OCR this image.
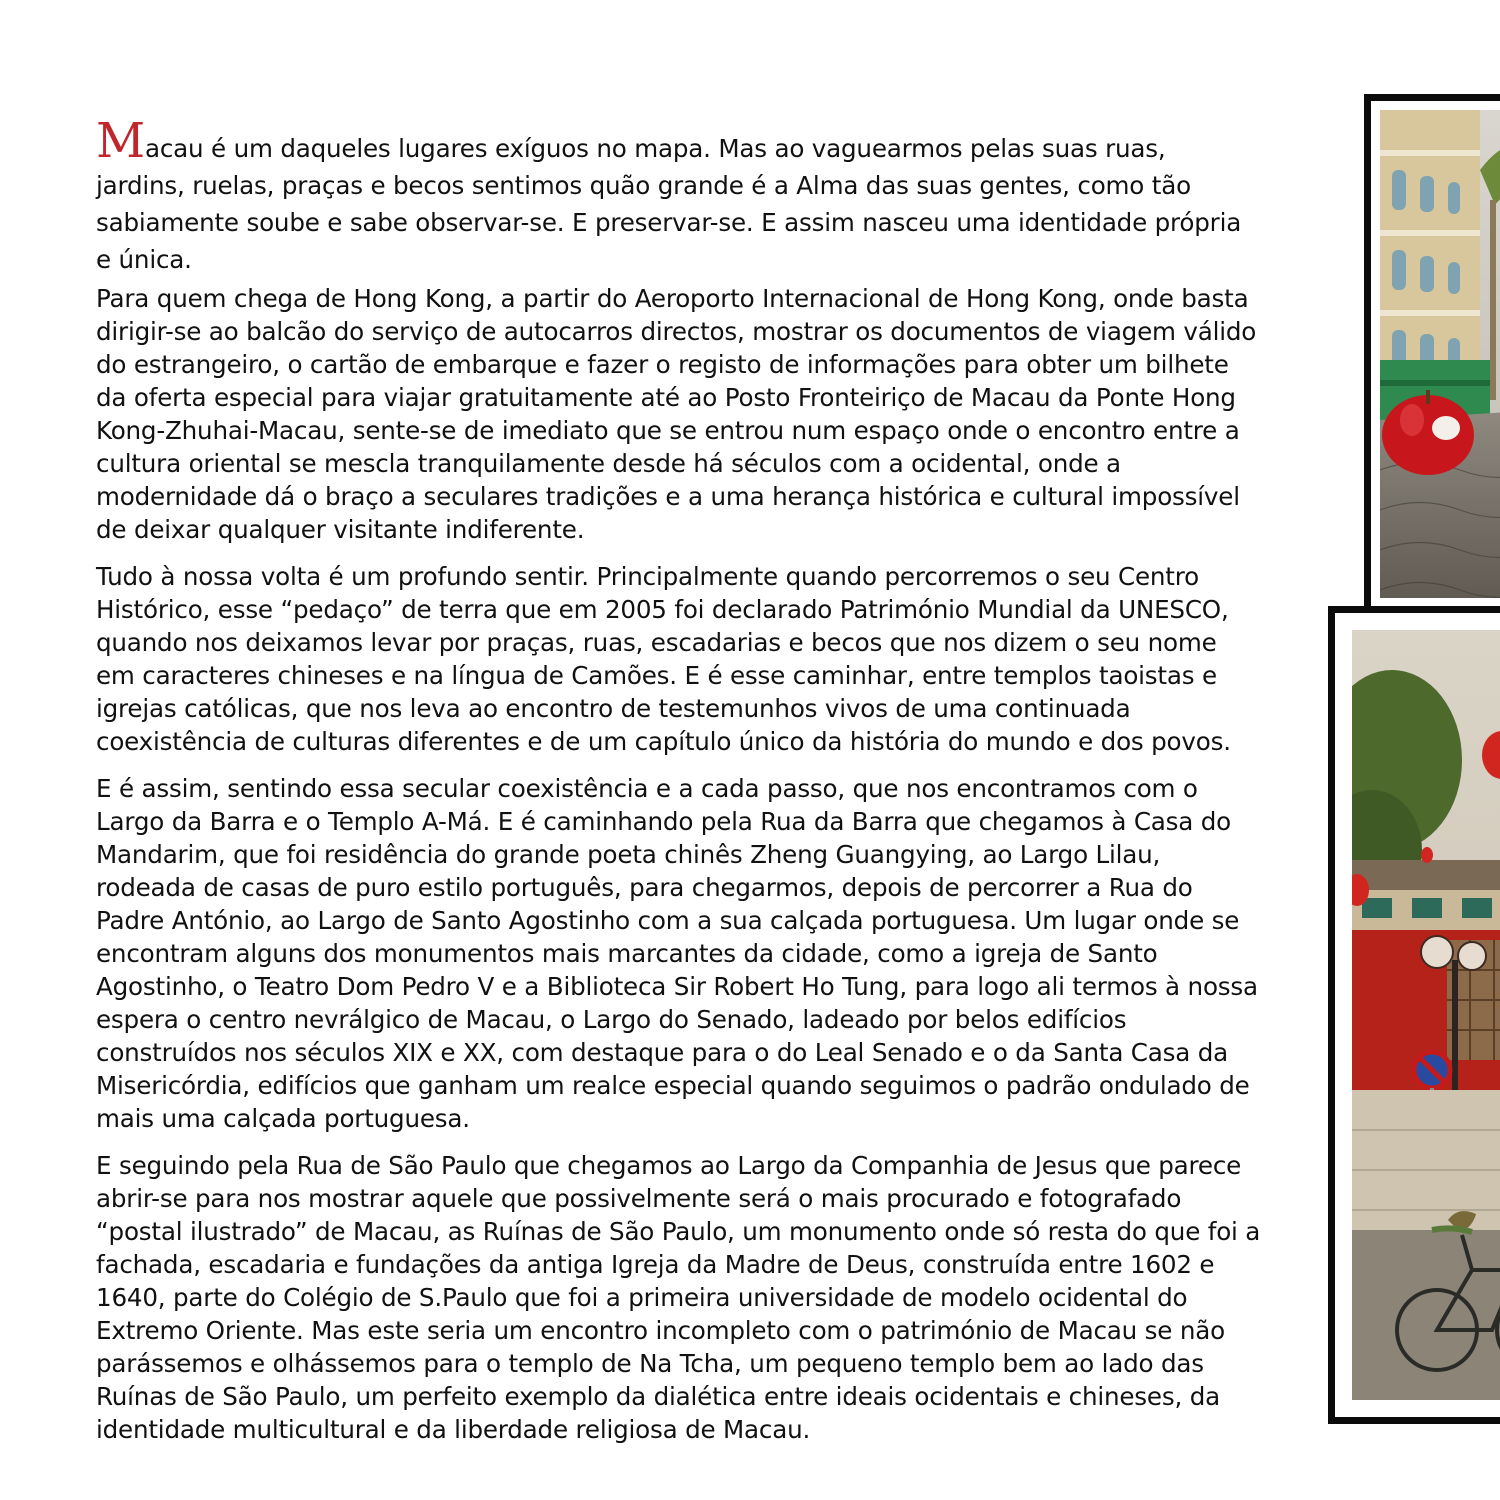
Macau é um daqueles lugares exíguos no mapa. Mas ao vaguearmos pelas suas ruas, jardins, ruelas, praças e becos sentimos quão grande é a Alma das suas gentes, como tão sabiamente soube e sabe observar-se. E preservar-se. E assim nasceu uma identidade própria e única.

Para quem chega de Hong Kong, a partir do Aeroporto Internacional de Hong Kong, onde basta dirigir-se ao balcão do serviço de autocarros directos, mostrar os documentos de viagem válido do estrangeiro, o cartão de embarque e fazer o registo de informações para obter um bilhete da oferta especial para viajar gratuitamente até ao Posto Fronteiriço de Macau da Ponte Hong Kong-Zhuhai-Macau, sente-se de imediato que se entrou num espaço onde o encontro entre a cultura oriental se mescla tranquilamente desde há séculos com a ocidental, onde a modernidade dá o braço a seculares tradições e a uma herança histórica e cultural impossível de deixar qualquer visitante indiferente.

Tudo à nossa volta é um profundo sentir. Principalmente quando percorremos o seu Centro Histórico, esse “pedaço” de terra que em 2005 foi declarado Património Mundial da UNESCO, quando nos deixamos levar por praças, ruas, escadarias e becos que nos dizem o seu nome em caracteres chineses e na língua de Camões. E é esse caminhar, entre templos taoistas e igrejas católicas, que nos leva ao encontro de testemunhos vivos de uma continuada coexistência de culturas diferentes e de um capítulo único da história do mundo e dos povos.

E é assim, sentindo essa secular coexistência e a cada passo, que nos encontramos com o Largo da Barra e o Templo A-Má. E é caminhando pela Rua da Barra que chegamos à Casa do Mandarim, que foi residência do grande poeta chinês Zheng Guangying, ao Largo Lilau, rodeada de casas de puro estilo português, para chegarmos, depois de percorrer a Rua do Padre António, ao Largo de Santo Agostinho com a sua calçada portuguesa. Um lugar onde se encontram alguns dos monumentos mais marcantes da cidade, como a igreja de Santo Agostinho, o Teatro Dom Pedro V e a Biblioteca Sir Robert Ho Tung, para logo ali termos à nossa espera o centro nevrálgico de Macau, o Largo do Senado, ladeado por belos edifícios construídos nos séculos XIX e XX, com destaque para o do Leal Senado e o da Santa Casa da Misericórdia, edifícios que ganham um realce especial quando seguimos o padrão ondulado de mais uma calçada portuguesa.

E seguindo pela Rua de São Paulo que chegamos ao Largo da Companhia de Jesus que parece abrir-se para nos mostrar aquele que possivelmente será o mais procurado e fotografado “postal ilustrado” de Macau, as Ruínas de São Paulo, um monumento onde só resta do que foi a fachada, escadaria e fundações da antiga Igreja da Madre de Deus, construída entre 1602 e 1640, parte do Colégio de S.Paulo que foi a primeira universidade de modelo ocidental do Extremo Oriente. Mas este seria um encontro incompleto com o património de Macau se não parássemos e olhássemos para o templo de Na Tcha, um pequeno templo bem ao lado das Ruínas de São Paulo, um perfeito exemplo da dialética entre ideais ocidentais e chineses, da identidade multicultural e da liberdade religiosa de Macau.
